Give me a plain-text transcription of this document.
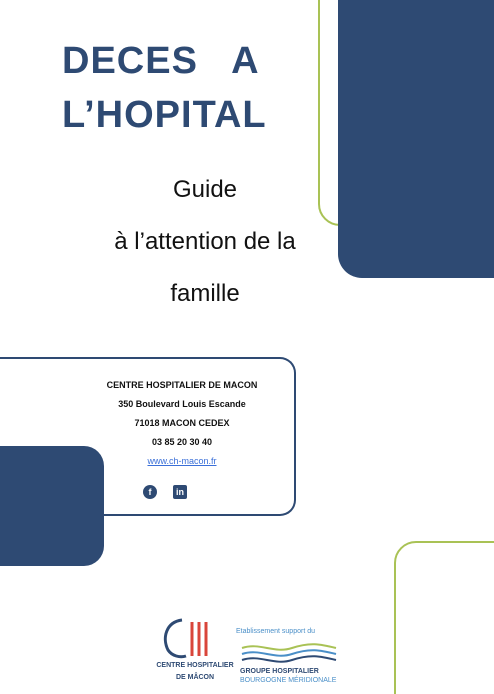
DECES   A
L’HOPITAL
Guide
à l’attention de la
famille
CENTRE HOSPITALIER DE MACON
350 Boulevard Louis Escande
71018 MACON CEDEX
03 85 20 30 40
www.ch-macon.fr
f	in
CENTRE HOSPITALIER
DE MÂCON
Etablissement support du
GROUPE HOSPITALIER
BOURGOGNE MÉRIDIONALE
